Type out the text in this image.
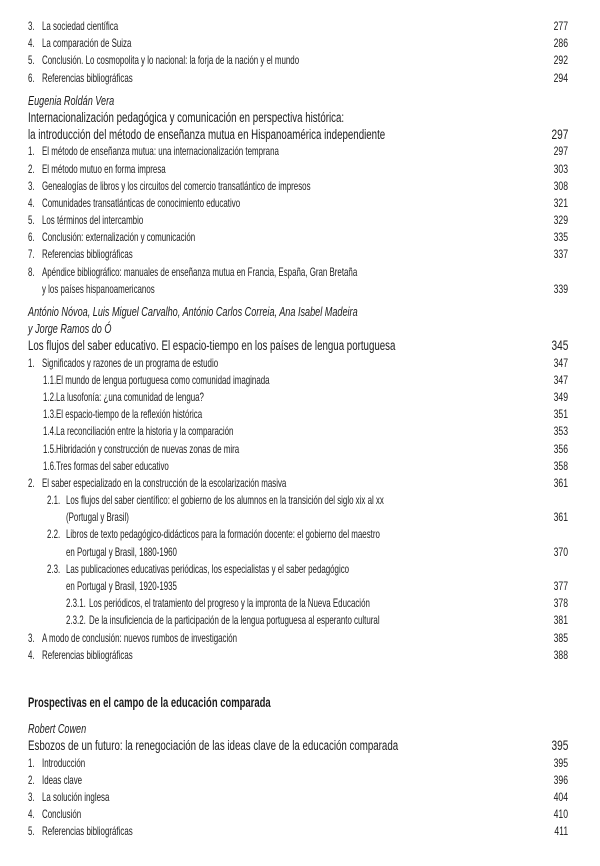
3. La sociedad científica	277
4. La comparación de Suiza	286
5. Conclusión. Lo cosmopolita y lo nacional: la forja de la nación y el mundo	292
6. Referencias bibliográficas	294
Eugenia Roldán Vera
Internacionalización pedagógica y comunicación en perspectiva histórica:
la introducción del método de enseñanza mutua en Hispanoamérica independiente	297
1. El método de enseñanza mutua: una internacionalización temprana	297
2. El método mutuo en forma impresa	303
3. Genealogías de libros y los circuitos del comercio transatlántico de impresos	308
4. Comunidades transatlánticas de conocimiento educativo	321
5. Los términos del intercambio	329
6. Conclusión: externalización y comunicación	335
7. Referencias bibliográficas	337
8. Apéndice bibliográfico: manuales de enseñanza mutua en Francia, España, Gran Bretaña
y los países hispanoamericanos	339
António Nóvoa, Luis Miguel Carvalho, António Carlos Correia, Ana Isabel Madeira
y Jorge Ramos do Ó
Los flujos del saber educativo. El espacio-tiempo en los países de lengua portuguesa	345
1. Significados y razones de un programa de estudio	347
1.1. El mundo de lengua portuguesa como comunidad imaginada	347
1.2. La lusofonía: ¿una comunidad de lengua?	349
1.3. El espacio-tiempo de la reflexión histórica	351
1.4. La reconciliación entre la historia y la comparación	353
1.5. Hibridación y construcción de nuevas zonas de mira	356
1.6. Tres formas del saber educativo	358
2. El saber especializado en la construcción de la escolarización masiva	361
2.1. Los flujos del saber científico: el gobierno de los alumnos en la transición del siglo xix al xx
(Portugal y Brasil)	361
2.2. Libros de texto pedagógico-didácticos para la formación docente: el gobierno del maestro
en Portugal y Brasil, 1880-1960	370
2.3. Las publicaciones educativas periódicas, los especialistas y el saber pedagógico
en Portugal y Brasil, 1920-1935	377
2.3.1. Los periódicos, el tratamiento del progreso y la impronta de la Nueva Educación	378
2.3.2. De la insuficiencia de la participación de la lengua portuguesa al esperanto cultural	381
3. A modo de conclusión: nuevos rumbos de investigación	385
4. Referencias bibliográficas	388
Prospectivas en el campo de la educación comparada
Robert Cowen
Esbozos de un futuro: la renegociación de las ideas clave de la educación comparada	395
1. Introducción	395
2. Ideas clave	396
3. La solución inglesa	404
4. Conclusión	410
5. Referencias bibliográficas	411
